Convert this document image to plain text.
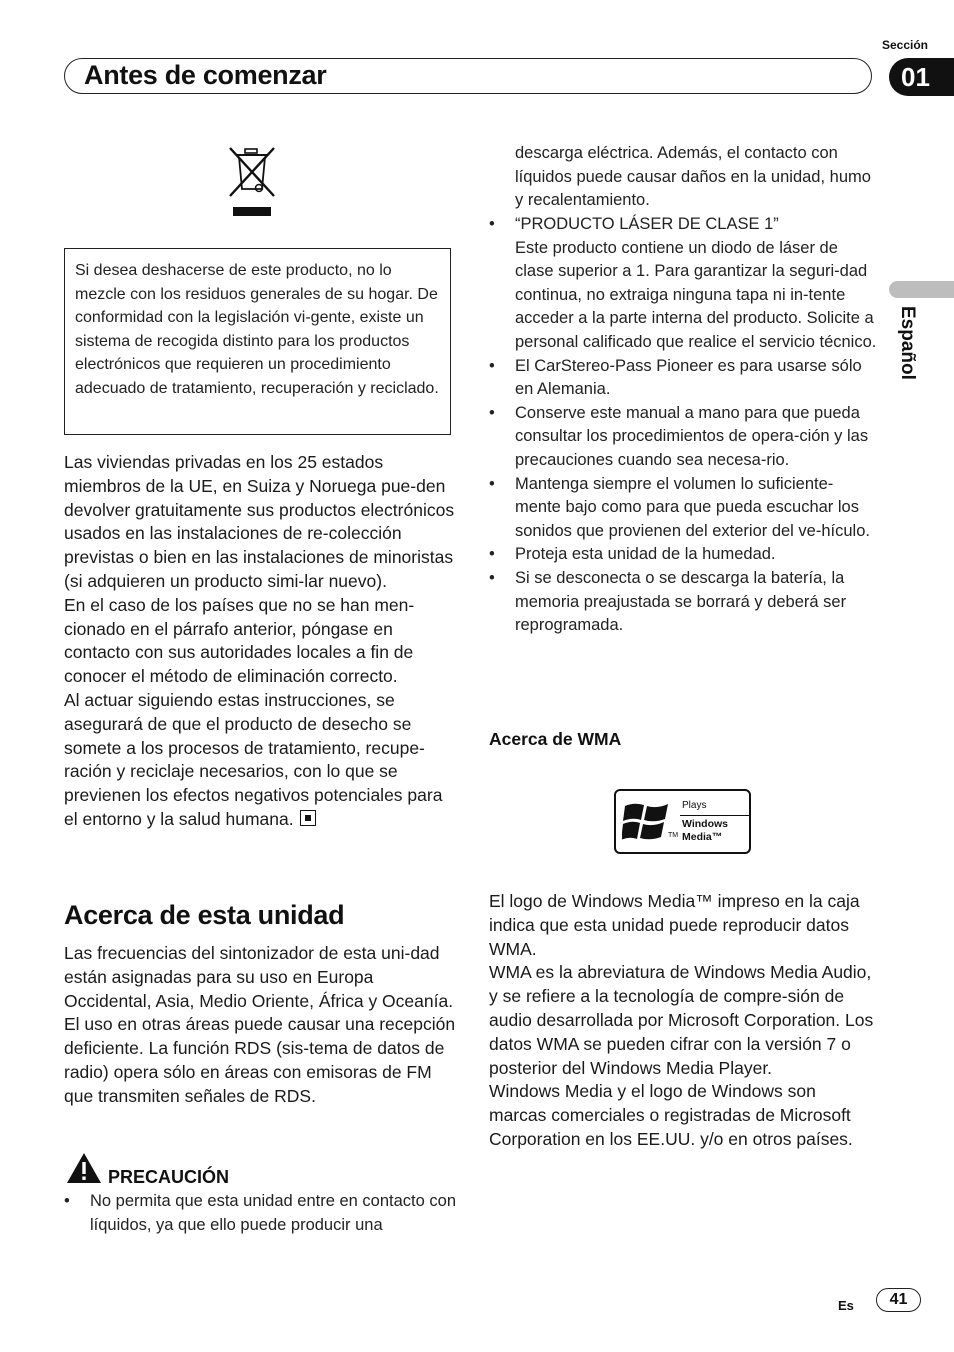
Sección
Antes de comenzar	01
Español

Si desea deshacerse de este producto, no lo mezcle con los residuos generales de su hogar. De conformidad con la legislación vi-gente, existe un sistema de recogida distinto para los productos electrónicos que requieren un procedimiento adecuado de tratamiento, recuperación y reciclado.

Las viviendas privadas en los 25 estados miembros de la UE, en Suiza y Noruega pue-den devolver gratuitamente sus productos electrónicos usados en las instalaciones de re-colección previstas o bien en las instalaciones de minoristas (si adquieren un producto simi-lar nuevo).

En el caso de los países que no se han men-cionado en el párrafo anterior, póngase en contacto con sus autoridades locales a fin de conocer el método de eliminación correcto.

Al actuar siguiendo estas instrucciones, se asegurará de que el producto de desecho se somete a los procesos de tratamiento, recupe-ración y reciclaje necesarios, con lo que se previenen los efectos negativos potenciales para el entorno y la salud humana.

Acerca de esta unidad
Las frecuencias del sintonizador de esta uni-dad están asignadas para su uso en Europa Occidental, Asia, Medio Oriente, África y Oceanía. El uso en otras áreas puede causar una recepción deficiente. La función RDS (sis-tema de datos de radio) opera sólo en áreas con emisoras de FM que transmiten señales de RDS.
PRECAUCIÓN
• No permita que esta unidad entre en contacto con líquidos, ya que ello puede producir una
descarga eléctrica. Además, el contacto con líquidos puede causar daños en la unidad, humo y recalentamiento.
• “PRODUCTO LÁSER DE CLASE 1”
Este producto contiene un diodo de láser de clase superior a 1. Para garantizar la seguri-dad continua, no extraiga ninguna tapa ni in-tente acceder a la parte interna del producto. Solicite a personal calificado que realice el servicio técnico.
• El CarStereo-Pass Pioneer es para usarse sólo en Alemania.
• Conserve este manual a mano para que pueda consultar los procedimientos de opera-ción y las precauciones cuando sea necesa-rio.
• Mantenga siempre el volumen lo suficiente-mente bajo como para que pueda escuchar los sonidos que provienen del exterior del ve-hículo.
• Proteja esta unidad de la humedad.
• Si se desconecta o se descarga la batería, la memoria preajustada se borrará y deberá ser reprogramada.
Acerca de WMA
TM
Plays
Windows
Media™

El logo de Windows Media™ impreso en la caja indica que esta unidad puede reproducir datos WMA.

WMA es la abreviatura de Windows Media Audio, y se refiere a la tecnología de compre-sión de audio desarrollada por Microsoft Corporation. Los datos WMA se pueden cifrar con la versión 7 o posterior del Windows Media Player.

Windows Media y el logo de Windows son marcas comerciales o registradas de Microsoft Corporation en los EE.UU. y/o en otros países.

Es	41
